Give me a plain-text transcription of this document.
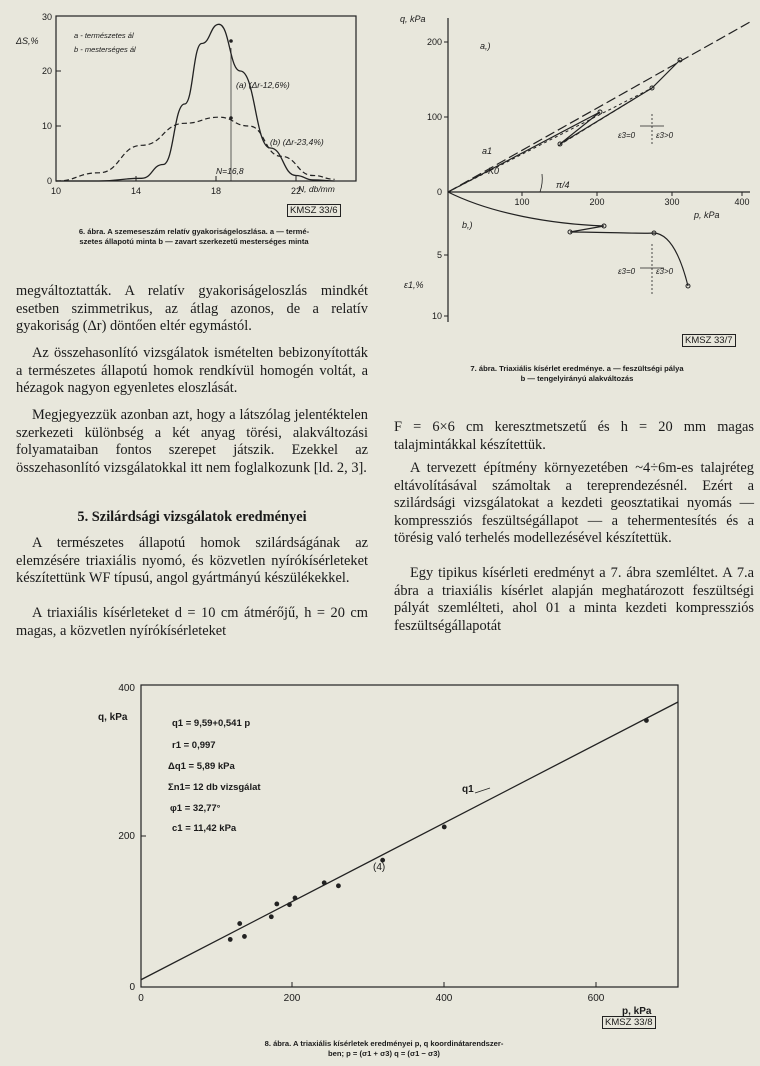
30
20
10
0
10	14	18	22
ΔS,%
a - természetes ál
b - mesterséges ál
(a) (Δr-12,6%)
(b) (Δr-23,4%)
N=16,8
N, db/mm
KMSZ 33/6
6. ábra. A szemeseszám relatív gyakoriságeloszlása. a — termé-
szetes állapotú minta b — zavart szerkezetű mesterséges minta
q, kPa
200
100
0
5
10
ε1,%
100	200	300	400
p, kPa
a,)
b,)
a1
K0
π/4
ε3=0	ε3>0
ε3=0	ε3>0
KMSZ 33/7
7. ábra. Triaxiális kísérlet eredménye. a — feszültségi pálya
b — tengelyirányú alakváltozás

megváltoztatták. A relatív gyakoriságeloszlás mindkét esetben szimmetrikus, az átlag azonos, de a relatív gyakoriság (Δr) döntően eltér egymástól.

Az összehasonlító vizsgálatok ismételten bebizonyították a természetes állapotú homok rendkívül homogén voltát, a hézagok nagyon egyenletes eloszlását.

Megjegyezzük azonban azt, hogy a látszólag jelentéktelen szerkezeti különbség a két anyag törési, alakváltozási folyamataiban fontos szerepet játszik. Ezekkel az összehasonlító vizsgálatokkal itt nem foglalkozunk [ld. 2, 3].

5. Szilárdsági vizsgálatok eredményei

A természetes állapotú homok szilárdságának az elemzésére triaxiális nyomó, és közvetlen nyírókísérleteket készítettünk WF típusú, angol gyártmányú készülékekkel.

A triaxiális kísérleteket d = 10 cm átmérőjű, h = 20 cm magas, a közvetlen nyírókísérleteket

F = 6×6 cm keresztmetszetű és h = 20 mm magas talajmintákkal készítettük.

A tervezett építmény környezetében ~4÷6m-es talajréteg eltávolításával számoltak a tereprendezésnél. Ezért a szilárdsági vizsgálatokat a kezdeti geosztatikai nyomás — kompressziós feszültségállapot — a tehermentesítés és a törésig való terhelés modellezésével készítettük.

Egy tipikus kísérleti eredményt a 7. ábra szemléltet. A 7.a ábra a triaxiális kísérlet alapján meghatározott feszültségi pályát szemlélteti, ahol 01 a minta kezdeti kompressziós feszültségállapotát

400
200
0
0	200	400	600
q, kPa
p, kPa
q1 = 9,59+0,541 p
r1 = 0,997
Δq1 = 5,89 kPa
Σn1= 12 db vizsgálat
φ1 = 32,77°
c1 = 11,42 kPa
q1
(4)
KMSZ 33/8
8. ábra. A triaxiális kísérletek eredményei p, q koordinátarendszer-
ben; p = (σ1 + σ3) q = (σ1 − σ3)
